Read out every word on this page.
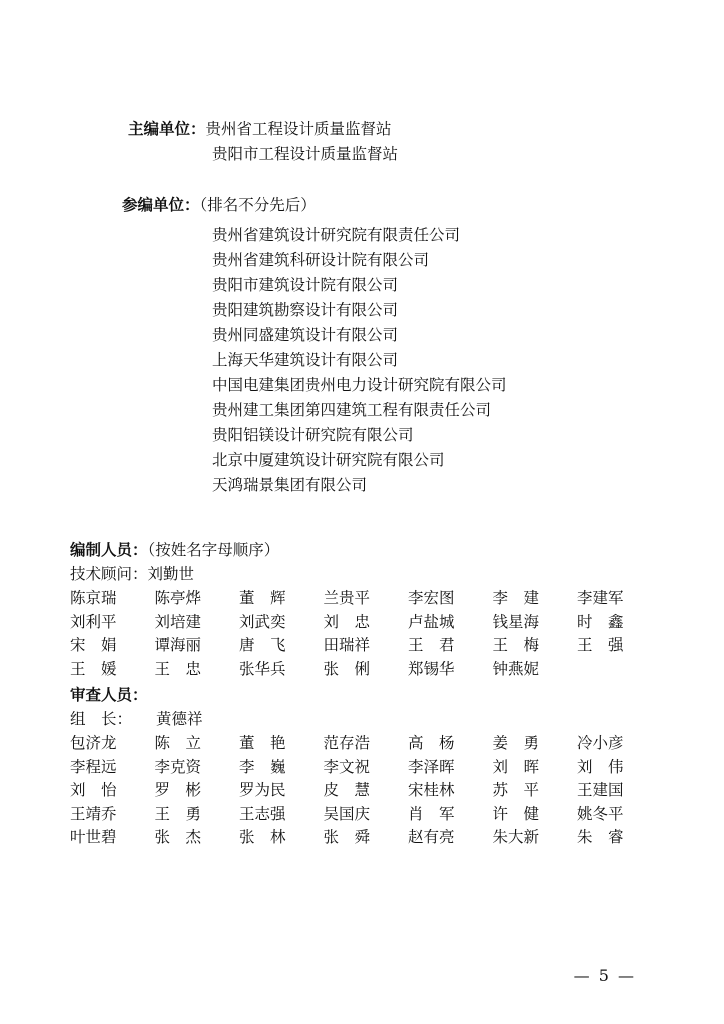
主编单位：贵州省工程设计质量监督站
贵阳市工程设计质量监督站
参编单位：（排名不分先后）
贵州省建筑设计研究院有限责任公司
贵州省建筑科研设计院有限公司
贵阳市建筑设计院有限公司
贵阳建筑勘察设计有限公司
贵州同盛建筑设计有限公司
上海天华建筑设计有限公司
中国电建集团贵州电力设计研究院有限公司
贵州建工集团第四建筑工程有限责任公司
贵阳铝镁设计研究院有限公司
北京中厦建筑设计研究院有限公司
天鸿瑞景集团有限公司
编制人员：（按姓名字母顺序）
技术顾问：刘勤世
陈京瑞	陈亭烨	董　辉	兰贵平	李宏图	李　建	李建军
刘利平	刘培建	刘武奕	刘　忠	卢盐城	钱星海	时　鑫
宋　娟	谭海丽	唐　飞	田瑞祥	王　君	王　梅	王　强
王　媛	王　忠	张华兵	张　俐	郑锡华	钟燕妮
审查人员：
组　长： 黄德祥
包济龙	陈　立	董　艳	范存浩	高　杨	姜　勇	冷小彦
李程远	李克资	李　巍	李文祝	李泽晖	刘　晖	刘　伟
刘　怡	罗　彬	罗为民	皮　慧	宋桂林	苏　平	王建国
王靖乔	王　勇	王志强	吴国庆	肖　军	许　健	姚冬平
叶世碧	张　杰	张　林	张　舜	赵有亮	朱大新	朱　睿
— 5 —
